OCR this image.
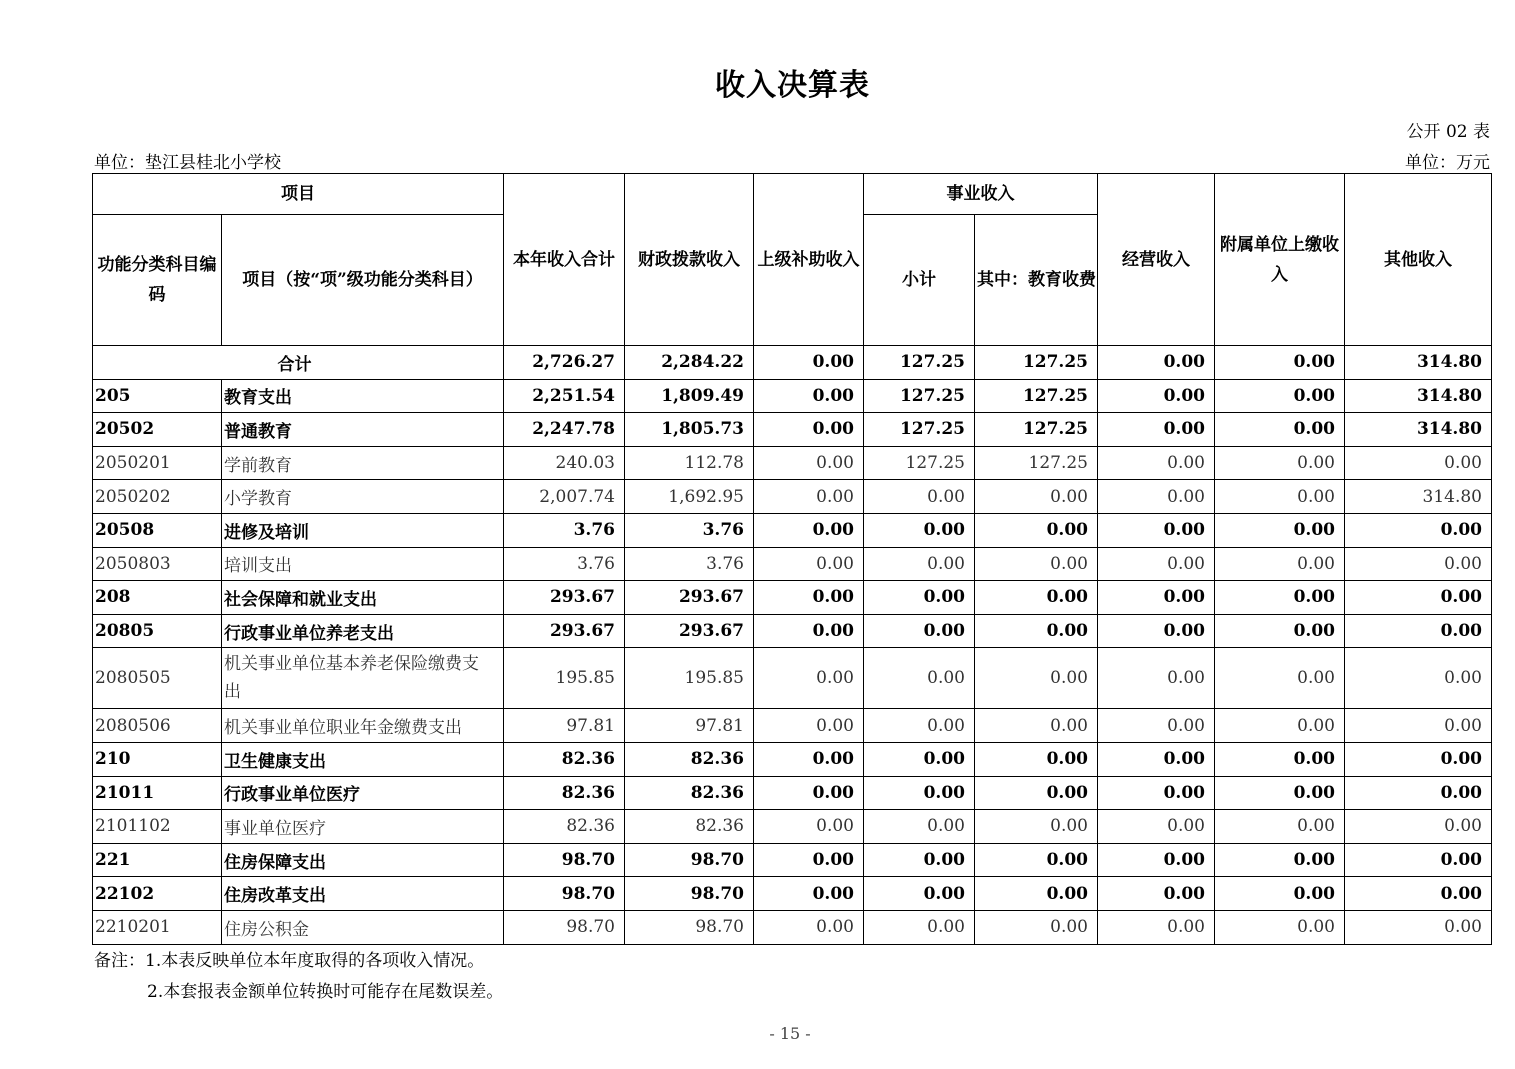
收入决算表
公开 02 表
单位：垫江县桂北小学校	单位：万元
项目		本年收入合计	财政拨款收入	上级补助收入	事业收入		经营收入	附属单位上缴收入	其他收入
功能分类科目编码	项目（按“项”级功能分类科目）				小计	其中：教育收费			
合计		2,726.27	2,284.22	0.00	127.25	127.25	0.00	0.00	314.80
205	教育支出	2,251.54	1,809.49	0.00	127.25	127.25	0.00	0.00	314.80
20502	普通教育	2,247.78	1,805.73	0.00	127.25	127.25	0.00	0.00	314.80
2050201	学前教育	240.03	112.78	0.00	127.25	127.25	0.00	0.00	0.00
2050202	小学教育	2,007.74	1,692.95	0.00	0.00	0.00	0.00	0.00	314.80
20508	进修及培训	3.76	3.76	0.00	0.00	0.00	0.00	0.00	0.00
2050803	培训支出	3.76	3.76	0.00	0.00	0.00	0.00	0.00	0.00
208	社会保障和就业支出	293.67	293.67	0.00	0.00	0.00	0.00	0.00	0.00
20805	行政事业单位养老支出	293.67	293.67	0.00	0.00	0.00	0.00	0.00	0.00
2080505	机关事业单位基本养老保险缴费支出	195.85	195.85	0.00	0.00	0.00	0.00	0.00	0.00
2080506	机关事业单位职业年金缴费支出	97.81	97.81	0.00	0.00	0.00	0.00	0.00	0.00
210	卫生健康支出	82.36	82.36	0.00	0.00	0.00	0.00	0.00	0.00
21011	行政事业单位医疗	82.36	82.36	0.00	0.00	0.00	0.00	0.00	0.00
2101102	事业单位医疗	82.36	82.36	0.00	0.00	0.00	0.00	0.00	0.00
221	住房保障支出	98.70	98.70	0.00	0.00	0.00	0.00	0.00	0.00
22102	住房改革支出	98.70	98.70	0.00	0.00	0.00	0.00	0.00	0.00
2210201	住房公积金	98.70	98.70	0.00	0.00	0.00	0.00	0.00	0.00
备注：1.本表反映单位本年度取得的各项收入情况。
2.本套报表金额单位转换时可能存在尾数误差。
- 15 -
